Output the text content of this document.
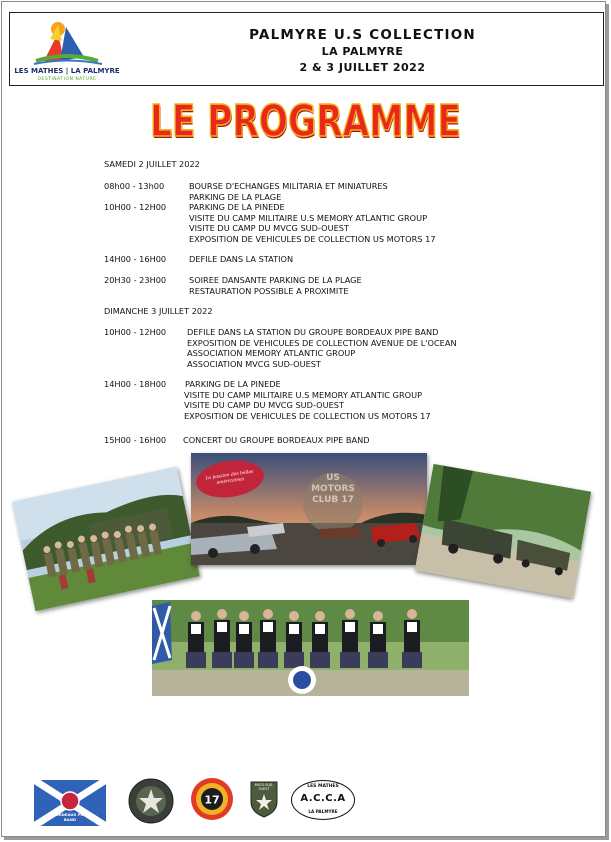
LES MATHES | LA PALMYRE
DESTINATION NATURE
PALMYRE U.S COLLECTION
LA PALMYRE
2 & 3 JUILLET 2022
LE PROGRAMME
SAMEDI 2 JUILLET 2022
08h00 - 13h00	BOURSE D'ECHANGES MILITARIA ET MINIATURES
PARKING DE LA PLAGE
10H00 - 12H00	PARKING DE LA PINEDE
VISITE DU CAMP MILITAIRE U.S MEMORY ATLANTIC GROUP
VISITE DU CAMP DU MVCG SUD-OUEST
EXPOSITION DE VEHICULES DE COLLECTION US MOTORS 17
14H00 - 16H00	DEFILE DANS LA STATION
20H30 - 23H00	SOIREE DANSANTE PARKING DE LA PLAGE
RESTAURATION POSSIBLE A PROXIMITE
DIMANCHE 3 JUILLET 2022
10H00 - 12H00	DEFILE DANS LA STATION DU GROUPE BORDEAUX PIPE BAND
EXPOSITION DE VEHICULES DE COLLECTION AVENUE DE L'OCEAN
ASSOCIATION MEMORY ATLANTIC GROUP
ASSOCIATION MVCG SUD-OUEST
14H00 - 18H00 PARKING DE LA PINEDE
VISITE DU CAMP MILITAIRE U.S MEMORY ATLANTIC GROUP
VISITE DU CAMP DU MVCG SUD-OUEST
EXPOSITION DE VEHICULES DE COLLECTION US MOTORS 17
15H00 - 16H00 CONCERT DU GROUPE BORDEAUX PIPE BAND
La passion des belles américaines	US MOTORS CLUB 17
BORDEAUX PIPE BAND
17
MVCG SUD-OUEST	LES MATHES
A.C.C.A
LA PALMYRE
